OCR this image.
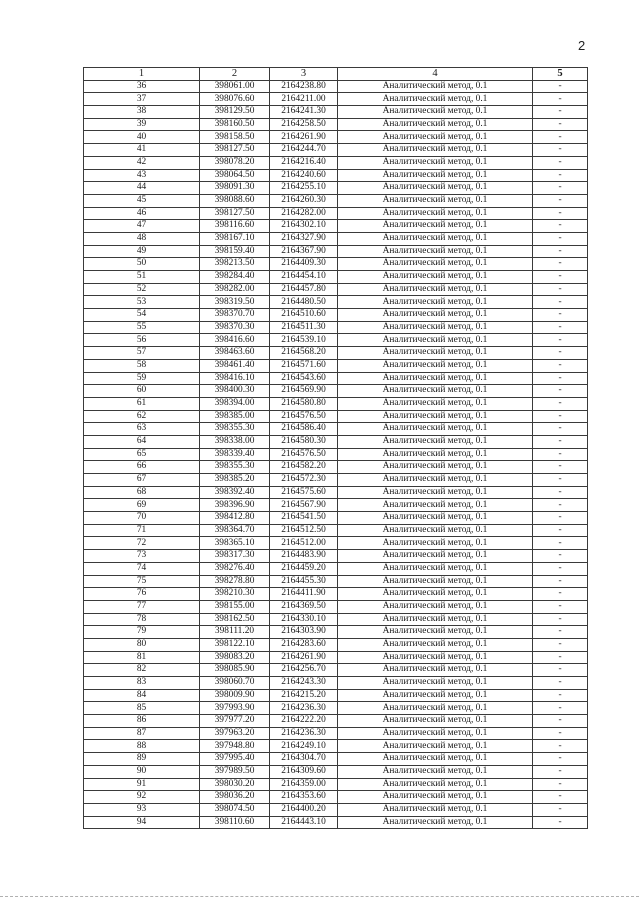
2
1	2	3	4	5
36	398061.00	2164238.80	Аналитический метод, 0.1	-
37	398076.60	2164211.00	Аналитический метод, 0.1	-
38	398129.50	2164241.30	Аналитический метод, 0.1	-
39	398160.50	2164258.50	Аналитический метод, 0.1	-
40	398158.50	2164261.90	Аналитический метод, 0.1	-
41	398127.50	2164244.70	Аналитический метод, 0.1	-
42	398078.20	2164216.40	Аналитический метод, 0.1	-
43	398064.50	2164240.60	Аналитический метод, 0.1	-
44	398091.30	2164255.10	Аналитический метод, 0.1	-
45	398088.60	2164260.30	Аналитический метод, 0.1	-
46	398127.50	2164282.00	Аналитический метод, 0.1	-
47	398116.60	2164302.10	Аналитический метод, 0.1	-
48	398167.10	2164327.90	Аналитический метод, 0.1	-
49	398159.40	2164367.90	Аналитический метод, 0.1	-
50	398213.50	2164409.30	Аналитический метод, 0.1	-
51	398284.40	2164454.10	Аналитический метод, 0.1	-
52	398282.00	2164457.80	Аналитический метод, 0.1	-
53	398319.50	2164480.50	Аналитический метод, 0.1	-
54	398370.70	2164510.60	Аналитический метод, 0.1	-
55	398370.30	2164511.30	Аналитический метод, 0.1	-
56	398416.60	2164539.10	Аналитический метод, 0.1	-
57	398463.60	2164568.20	Аналитический метод, 0.1	-
58	398461.40	2164571.60	Аналитический метод, 0.1	-
59	398416.10	2164543.60	Аналитический метод, 0.1	-
60	398400.30	2164569.90	Аналитический метод, 0.1	-
61	398394.00	2164580.80	Аналитический метод, 0.1	-
62	398385.00	2164576.50	Аналитический метод, 0.1	-
63	398355.30	2164586.40	Аналитический метод, 0.1	-
64	398338.00	2164580.30	Аналитический метод, 0.1	-
65	398339.40	2164576.50	Аналитический метод, 0.1	-
66	398355.30	2164582.20	Аналитический метод, 0.1	-
67	398385.20	2164572.30	Аналитический метод, 0.1	-
68	398392.40	2164575.60	Аналитический метод, 0.1	-
69	398396.90	2164567.90	Аналитический метод, 0.1	-
70	398412.80	2164541.50	Аналитический метод, 0.1	-
71	398364.70	2164512.50	Аналитический метод, 0.1	-
72	398365.10	2164512.00	Аналитический метод, 0.1	-
73	398317.30	2164483.90	Аналитический метод, 0.1	-
74	398276.40	2164459.20	Аналитический метод, 0.1	-
75	398278.80	2164455.30	Аналитический метод, 0.1	-
76	398210.30	2164411.90	Аналитический метод, 0.1	-
77	398155.00	2164369.50	Аналитический метод, 0.1	-
78	398162.50	2164330.10	Аналитический метод, 0.1	-
79	398111.20	2164303.90	Аналитический метод, 0.1	-
80	398122.10	2164283.60	Аналитический метод, 0.1	-
81	398083.20	2164261.90	Аналитический метод, 0.1	-
82	398085.90	2164256.70	Аналитический метод, 0.1	-
83	398060.70	2164243.30	Аналитический метод, 0.1	-
84	398009.90	2164215.20	Аналитический метод, 0.1	-
85	397993.90	2164236.30	Аналитический метод, 0.1	-
86	397977.20	2164222.20	Аналитический метод, 0.1	-
87	397963.20	2164236.30	Аналитический метод, 0.1	-
88	397948.80	2164249.10	Аналитический метод, 0.1	-
89	397995.40	2164304.70	Аналитический метод, 0.1	-
90	397989.50	2164309.60	Аналитический метод, 0.1	-
91	398030.20	2164359.00	Аналитический метод, 0.1	-
92	398036.20	2164353.60	Аналитический метод, 0.1	-
93	398074.50	2164400.20	Аналитический метод, 0.1	-
94	398110.60	2164443.10	Аналитический метод, 0.1	-
